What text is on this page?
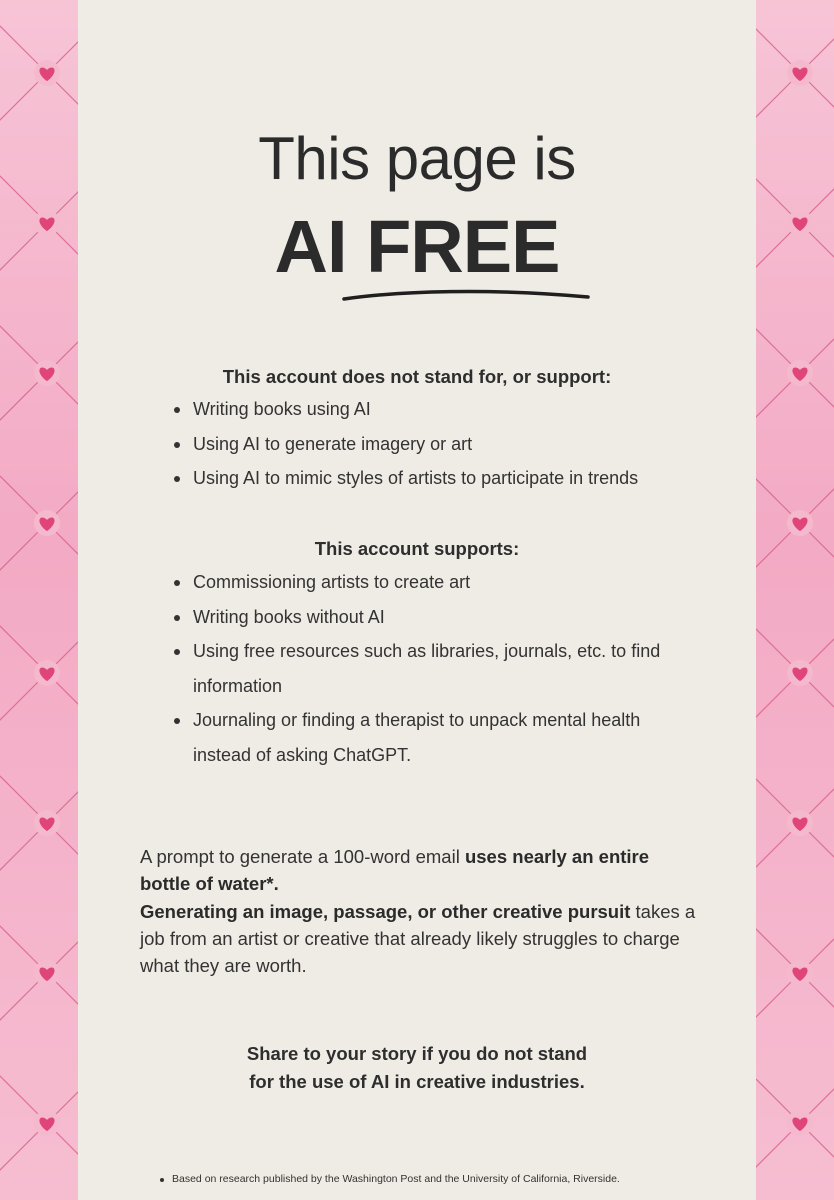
This page is
AI FREE
This account does not stand for, or support:
Writing books using AI
Using AI to generate imagery or art
Using AI to mimic styles of artists to participate in trends
This account supports:
Commissioning artists to create art
Writing books without AI
Using free resources such as libraries, journals, etc. to find information
Journaling or finding a therapist to unpack mental health instead of asking ChatGPT.
A prompt to generate a 100-word email uses nearly an entire bottle of water*.
Generating an image, passage, or other creative pursuit takes a job from an artist or creative that already likely struggles to charge what they are worth.
Share to your story if you do not stand
for the use of AI in creative industries.
Based on research published by the Washington Post and the University of California, Riverside.
